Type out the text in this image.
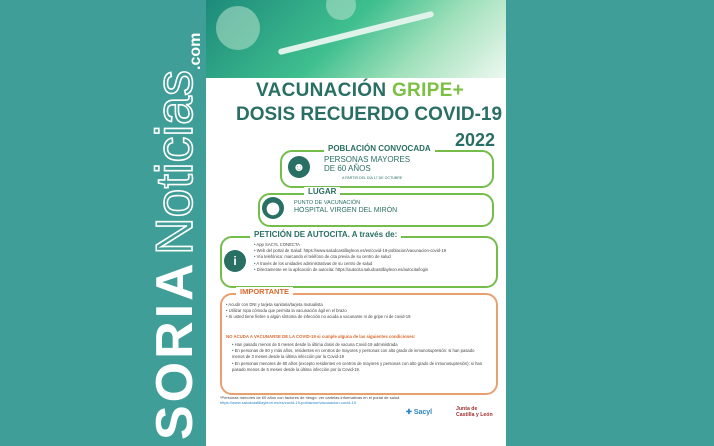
SORIA
Noticias
.com
VACUNACIÓN GRIPE+
DOSIS RECUERDO COVID-19
2022
POBLACIÓN CONVOCADA
☻
PERSONAS MAYORES
DE 60 AÑOS
A PARTIR DEL DÍA 17 DE OCTUBRE
LUGAR
⬤	PUNTO DE VACUNACIÓN
HOSPITAL VIRGEN DEL MIRÓN
PETICIÓN DE AUTOCITA. A través de:
i
• App SACYL CONECTA
• Web del portal de Salud: https://www.saludcastillayleon.es/es/covid-19-poblacion/vacunacion-covid-19
• Vía telefónica: marcando el teléfono de cita previa de su centro de salud
• A través de los unidades administrativas de su centro de salud
• Directamente en la aplicación de autocita: https://autocita.saludcastillayleon.es/autocita/login
IMPORTANTE
• Acudir con DNI y tarjeta sanitaria/tarjeta mutualista
• Utilizar ropa cómoda que permita la vacunación ágil en el brazo
• Si usted tiene fiebre o algún síntoma de infección no acuda a vacunarse ni de gripe ni de covid-19
NO ACUDA A VACUNARSE DE LA COVID-19 si cumple alguna de las siguientes condiciones:
• Han pasado menos de 5 meses desde la última dosis de vacuna Covid-19 administrada
• En personas de 80 y más años, residentes en centros de mayores y personas con alto grado de inmunosupresión: si han pasado menos de 3 meses desde la última infección por la Covid-19
• En personas menores de 80 años (excepto residentes en centros de mayores y personas con alto grado de inmunosupresión): si han pasado menos de 5 meses desde la última infección por la Covid-19.
*Personas menores de 60 años con factores de riesgo: ver cartelas informativas en el portal de salud.
https://www.saludcastillayleon.es/es/covid-19-poblacion/vacunacion-covid-19
✚ Sacyl	Junta de
Castilla y León
